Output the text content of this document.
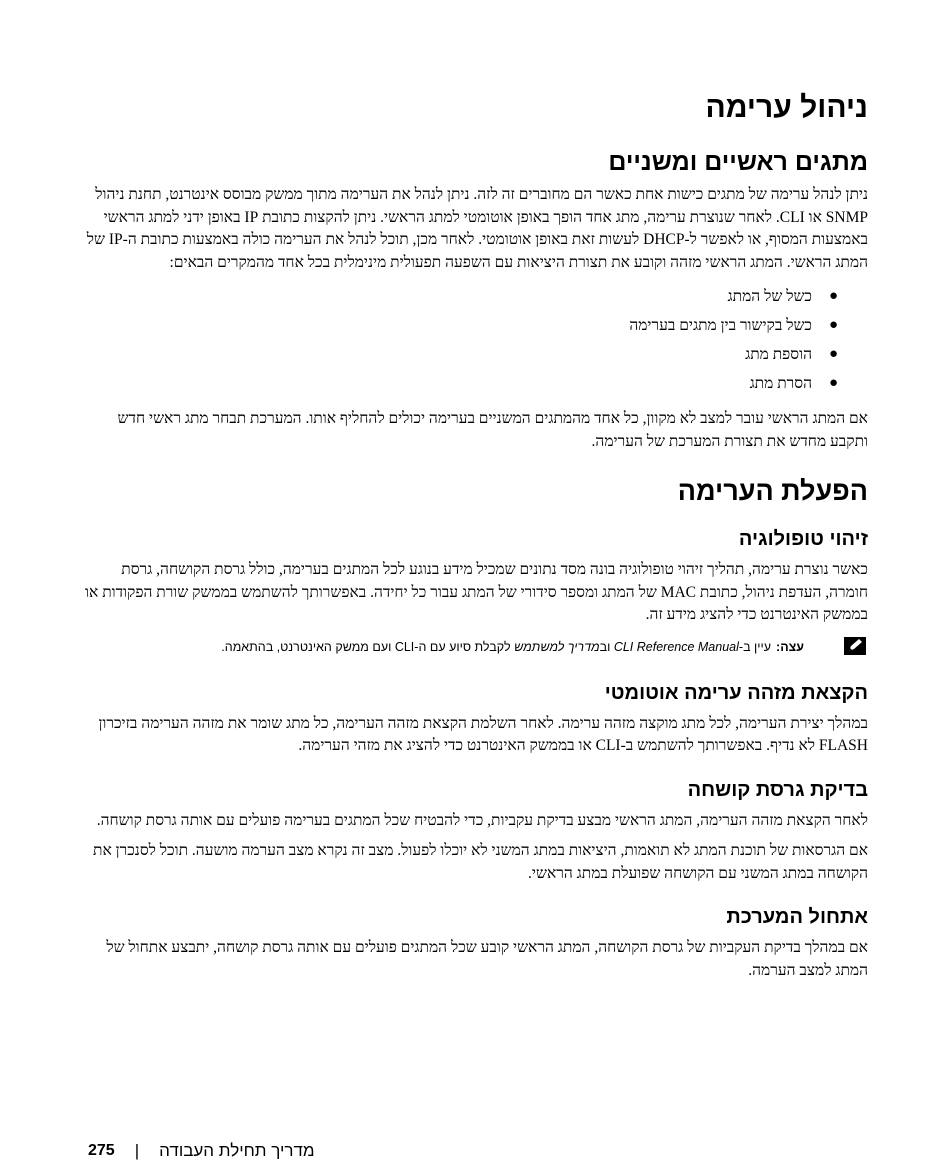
ניהול ערימה
מתגים ראשיים ומשניים

ניתן לנהל ערימה של מתגים כישות אחת כאשר הם מחוברים זה לזה. ניתן לנהל את הערימה מתוך ממשק מבוסס אינטרנט, תחנת ניהול SNMP או CLI. לאחר שנוצרת ערימה, מתג אחד הופך באופן אוטומטי למתג הראשי. ניתן להקצות כתובת IP באופן ידני למתג הראשי באמצעות המסוף, או לאפשר ל-DHCP לעשות זאת באופן אוטומטי. לאחר מכן, תוכל לנהל את הערימה כולה באמצעות כתובת ה-IP של המתג הראשי. המתג הראשי מזהה וקובע את תצורת היציאות עם השפעה תפעולית מינימלית בכל אחד מהמקרים הבאים:

●
כשל של המתג
●
כשל בקישור בין מתגים בערימה
●
הוספת מתג
●
הסרת מתג

אם המתג הראשי עובר למצב לא מקוון, כל אחד מהמתגים המשניים בערימה יכולים להחליף אותו. המערכת תבחר מתג ראשי חדש ותקבע מחדש את תצורת המערכת של הערימה.

הפעלת הערימה
זיהוי טופולוגיה

כאשר נוצרת ערימה, תהליך זיהוי טופולוגיה בונה מסד נתונים שמכיל מידע בנוגע לכל המתגים בערימה, כולל גרסת הקושחה, גרסת חומרה, העדפת ניהול, כתובת MAC של המתג ומספר סידורי של המתג עבור כל יחידה. באפשרותך להשתמש בממשק שורת הפקודות או בממשק האינטרנט כדי להציג מידע זה.

עצה:עיין ב-CLI Reference Manual ובמדריך למשתמש לקבלת סיוע עם ה-CLI ועם ממשק האינטרנט, בהתאמה.
הקצאת מזהה ערימה אוטומטי

במהלך יצירת הערימה, לכל מתג מוקצה מזהה ערימה. לאחר השלמת הקצאת מזהה הערימה, כל מתג שומר את מזהה הערימה בזיכרון FLASH לא נדיף. באפשרותך להשתמש ב-CLI או בממשק האינטרנט כדי להציג את מזהי הערימה.

בדיקת גרסת קושחה

לאחר הקצאת מזהה הערימה, המתג הראשי מבצע בדיקת עקביות, כדי להבטיח שכל המתגים בערימה פועלים עם אותה גרסת קושחה.

אם הגרסאות של תוכנת המתג לא תואמות, היציאות במתג המשני לא יוכלו לפעול. מצב זה נקרא מצב הערמה מושעה. תוכל לסנכרן את הקושחה במתג המשני עם הקושחה שפועלת במתג הראשי.

אתחול המערכת

אם במהלך בדיקת העקביות של גרסת הקושחה, המתג הראשי קובע שכל המתגים פועלים עם אותה גרסת קושחה, יתבצע אתחול של המתג למצב הערמה.

275 | מדריך תחילת העבודה
